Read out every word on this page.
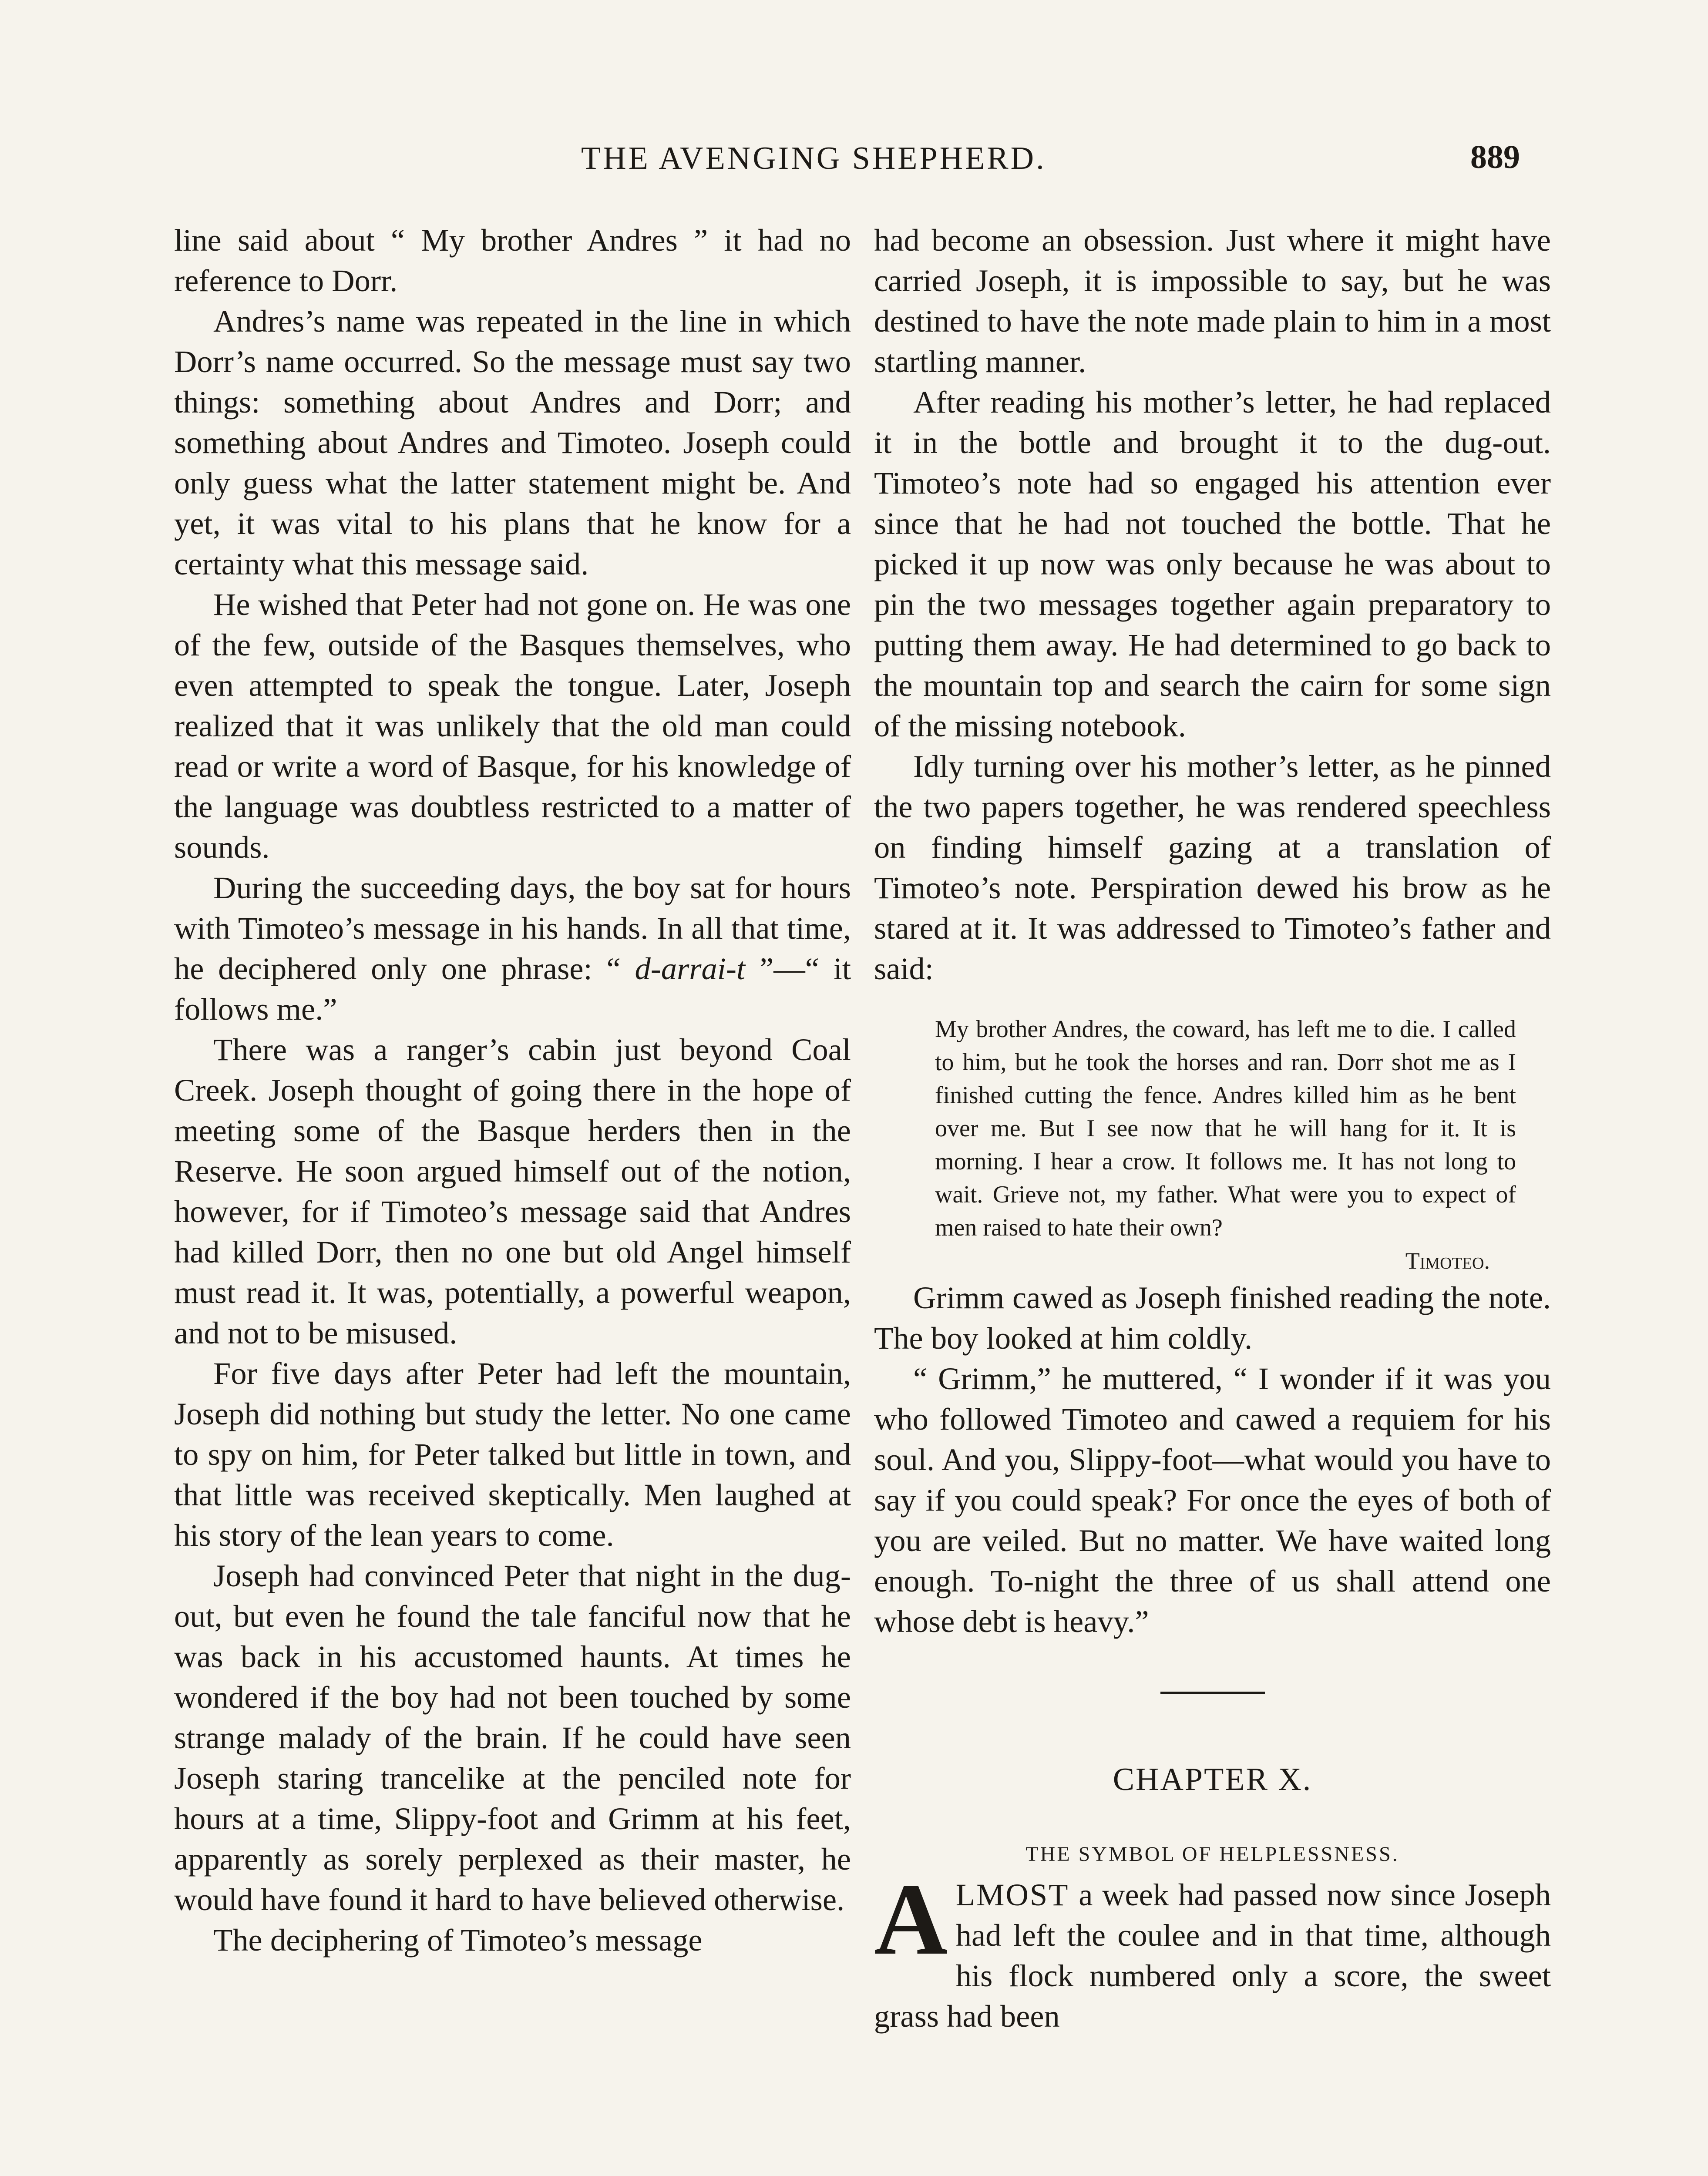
THE AVENGING SHEPHERD.	889

line said about “ My brother Andres ” it had no reference to Dorr.

Andres’s name was repeated in the line in which Dorr’s name occurred. So the message must say two things: something about Andres and Dorr; and something about Andres and Timoteo. Joseph could only guess what the latter statement might be. And yet, it was vital to his plans that he know for a certainty what this message said.

He wished that Peter had not gone on. He was one of the few, outside of the Basques themselves, who even attempted to speak the tongue. Later, Joseph realized that it was unlikely that the old man could read or write a word of Basque, for his knowledge of the language was doubtless restricted to a matter of sounds.

During the succeeding days, the boy sat for hours with Timoteo’s message in his hands. In all that time, he deciphered only one phrase: “ d-arrai-t ”—“ it follows me.”

There was a ranger’s cabin just beyond Coal Creek. Joseph thought of going there in the hope of meeting some of the Basque herders then in the Reserve. He soon argued himself out of the notion, however, for if Timoteo’s message said that Andres had killed Dorr, then no one but old Angel himself must read it. It was, potentially, a powerful weapon, and not to be misused.

For five days after Peter had left the mountain, Joseph did nothing but study the letter. No one came to spy on him, for Peter talked but little in town, and that little was received skeptically. Men laughed at his story of the lean years to come.

Joseph had convinced Peter that night in the dug-out, but even he found the tale fanciful now that he was back in his accustomed haunts. At times he wondered if the boy had not been touched by some strange malady of the brain. If he could have seen Joseph staring trancelike at the penciled note for hours at a time, Slippy-foot and Grimm at his feet, apparently as sorely perplexed as their master, he would have found it hard to have believed otherwise.

The deciphering of Timoteo’s message

had become an obsession. Just where it might have carried Joseph, it is impossible to say, but he was destined to have the note made plain to him in a most startling manner.

After reading his mother’s letter, he had replaced it in the bottle and brought it to the dug-out. Timoteo’s note had so engaged his attention ever since that he had not touched the bottle. That he picked it up now was only because he was about to pin the two messages together again preparatory to putting them away. He had determined to go back to the mountain top and search the cairn for some sign of the missing notebook.

Idly turning over his mother’s letter, as he pinned the two papers together, he was rendered speechless on finding himself gazing at a translation of Timoteo’s note. Perspiration dewed his brow as he stared at it. It was addressed to Timoteo’s father and said:

My brother Andres, the coward, has left me to die. I called to him, but he took the horses and ran. Dorr shot me as I finished cutting the fence. Andres killed him as he bent over me. But I see now that he will hang for it. It is morning. I hear a crow. It follows me. It has not long to wait. Grieve not, my father. What were you to expect of men raised to hate their own?

Timoteo.

Grimm cawed as Joseph finished reading the note. The boy looked at him coldly.

“ Grimm,” he muttered, “ I wonder if it was you who followed Timoteo and cawed a requiem for his soul. And you, Slippy-foot—what would you have to say if you could speak? For once the eyes of both of you are veiled. But no matter. We have waited long enough. To-night the three of us shall attend one whose debt is heavy.”

CHAPTER X.
THE SYMBOL OF HELPLESSNESS.

ALMOST a week had passed now since Joseph had left the coulee and in that time, although his flock numbered only a score, the sweet grass had been
